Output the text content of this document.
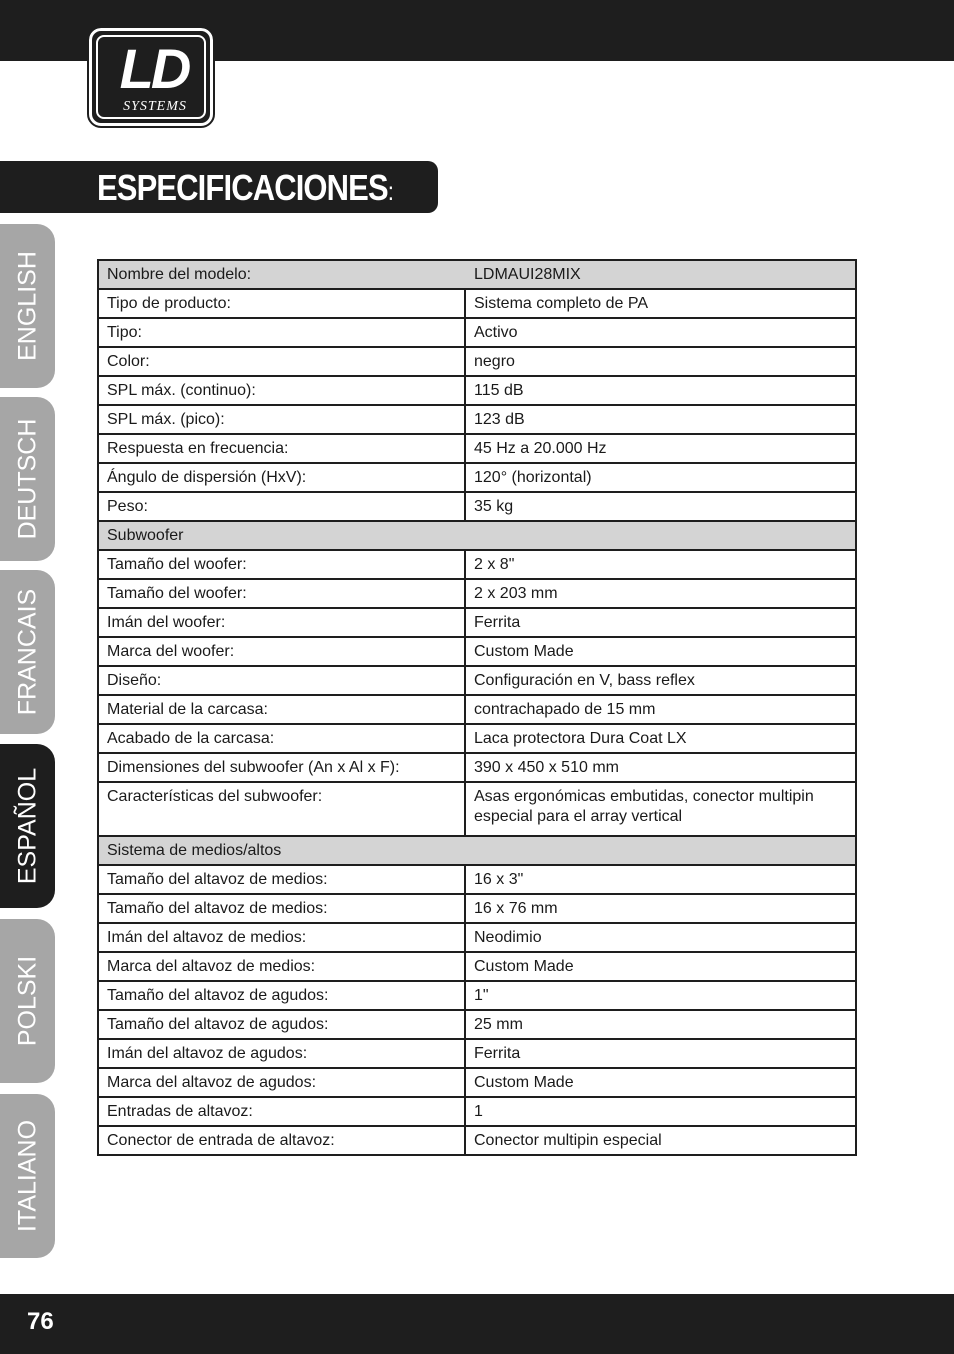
LD
SYSTEMS
ESPECIFICACIONES:
ENGLISH
DEUTSCH
FRANCAIS
ESPAÑOL
POLSKI
ITALIANO
Nombre del modelo:	LDMAUI28MIX
Tipo de producto:	Sistema completo de PA
Tipo:	Activo
Color:	negro
SPL máx. (continuo):	115 dB
SPL máx. (pico):	123 dB
Respuesta en frecuencia:	45 Hz a 20.000 Hz
Ángulo de dispersión (HxV):	120° (horizontal)
Peso:	35 kg
Subwoofer	
Tamaño del woofer:	2 x 8"
Tamaño del woofer:	2 x 203 mm
Imán del woofer:	Ferrita
Marca del woofer:	Custom Made
Diseño:	Configuración en V, bass reflex
Material de la carcasa:	contrachapado de 15 mm
Acabado de la carcasa:	Laca protectora Dura Coat LX
Dimensiones del subwoofer (An x Al x F):	390 x 450 x 510 mm
Características del subwoofer:	Asas ergonómicas embutidas, conector multipin especial para el array vertical
Sistema de medios/altos	
Tamaño del altavoz de medios:	16 x 3"
Tamaño del altavoz de medios:	16 x 76 mm
Imán del altavoz de medios:	Neodimio
Marca del altavoz de medios:	Custom Made
Tamaño del altavoz de agudos:	1"
Tamaño del altavoz de agudos:	25 mm
Imán del altavoz de agudos:	Ferrita
Marca del altavoz de agudos:	Custom Made
Entradas de altavoz:	1
Conector de entrada de altavoz:	Conector multipin especial
76
